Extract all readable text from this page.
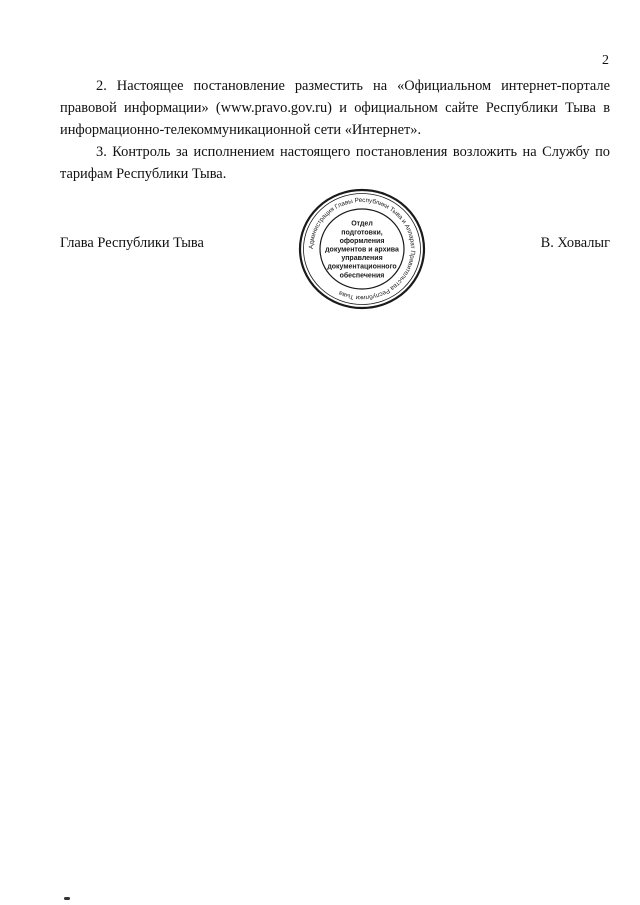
2

2. Настоящее постановление разместить на «Официальном интернет-портале правовой информации» (www.pravo.gov.ru) и официальном сайте Республики Тыва в информационно-телекоммуникационной сети «Интернет».

3. Контроль за исполнением настоящего постановления возложить на Службу по тарифам Республики Тыва.

Глава Республики Тыва	В. Ховалыг
Администрация Главы Республики Тыва и Аппарат Правительства Республики Тыва
Отдел
подготовки,
оформления
документов и архива
управления
документационного
обеспечения
